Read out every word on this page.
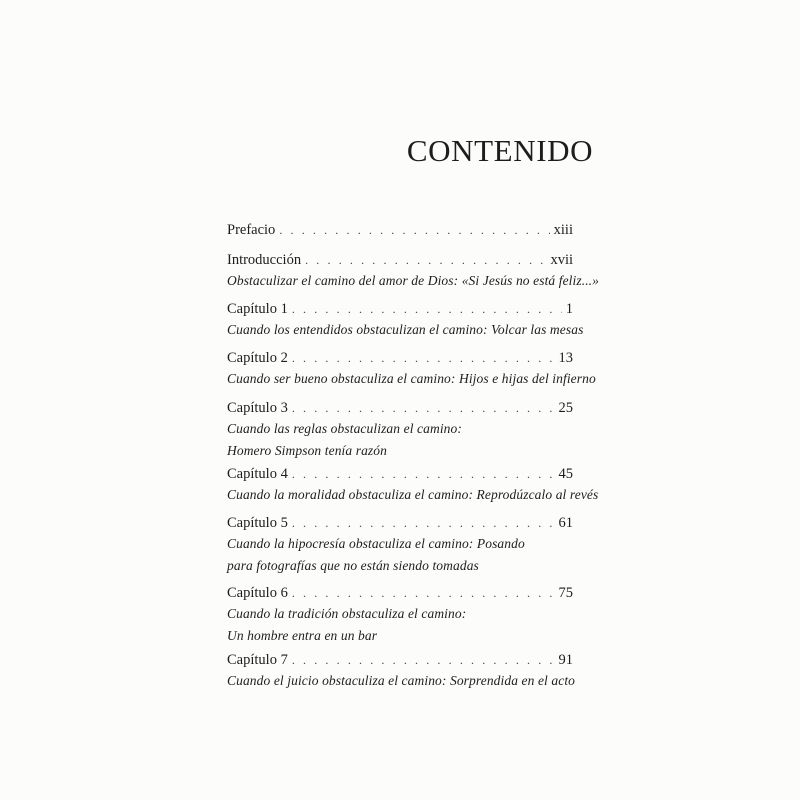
CONTENIDO
Prefacio . . .	xiii
Introducción . . .	xvii
Obstaculizar el camino del amor de Dios: «Si Jesús no está feliz...»
Capítulo 1 . . .	1
Cuando los entendidos obstaculizan el camino: Volcar las mesas
Capítulo 2 . . .	13
Cuando ser bueno obstaculiza el camino: Hijos e hijas del infierno
Capítulo 3 . . .	25
Cuando las reglas obstaculizan el camino:
Homero Simpson tenía razón
Capítulo 4 . . .	45
Cuando la moralidad obstaculiza el camino: Reprodúzcalo al revés
Capítulo 5 . . .	61
Cuando la hipocresía obstaculiza el camino: Posando
para fotografías que no están siendo tomadas
Capítulo 6 . . .	75
Cuando la tradición obstaculiza el camino:
Un hombre entra en un bar
Capítulo 7 . . .	91
Cuando el juicio obstaculiza el camino: Sorprendida en el acto
